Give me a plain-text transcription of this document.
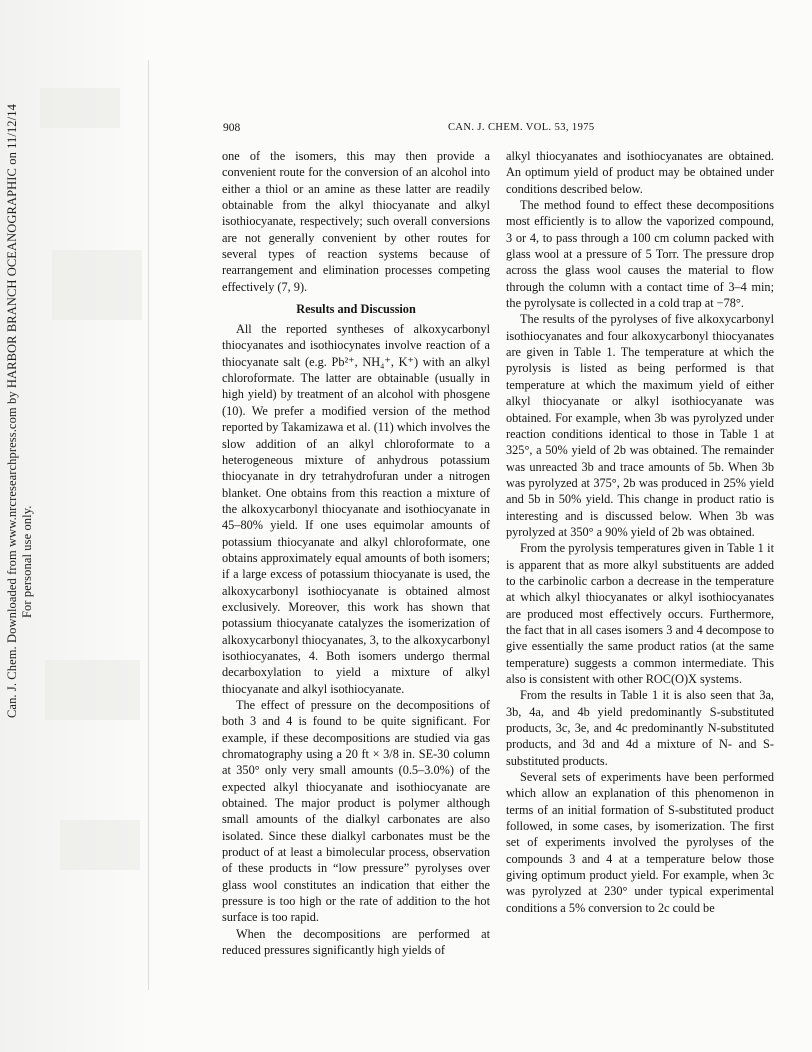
Can. J. Chem. Downloaded from www.nrcresearchpress.com by HARBOR BRANCH OCEANOGRAPHIC on 11/12/14 For personal use only.
908	CAN. J. CHEM. VOL. 53, 1975

one of the isomers, this may then provide a convenient route for the conversion of an alcohol into either a thiol or an amine as these latter are readily obtainable from the alkyl thiocyanate and alkyl isothiocyanate, respectively; such overall conversions are not generally convenient by other routes for several types of reaction systems because of rearrangement and elimination processes competing effectively (7, 9).

Results and Discussion

All the reported syntheses of alkoxycarbonyl thiocyanates and isothiocynates involve reaction of a thiocyanate salt (e.g. Pb²⁺, NH₄⁺, K⁺) with an alkyl chloroformate. The latter are obtainable (usually in high yield) by treatment of an alcohol with phosgene (10). We prefer a modified version of the method reported by Takamizawa et al. (11) which involves the slow addition of an alkyl chloroformate to a heterogeneous mixture of anhydrous potassium thiocyanate in dry tetrahydrofuran under a nitrogen blanket. One obtains from this reaction a mixture of the alkoxycarbonyl thiocyanate and isothiocyanate in 45–80% yield. If one uses equimolar amounts of potassium thiocyanate and alkyl chloroformate, one obtains approximately equal amounts of both isomers; if a large excess of potassium thiocyanate is used, the alkoxycarbonyl isothiocyanate is obtained almost exclusively. Moreover, this work has shown that potassium thiocyanate catalyzes the isomerization of alkoxycarbonyl thiocyanates, 3, to the alkoxycarbonyl isothiocyanates, 4. Both isomers undergo thermal decarboxylation to yield a mixture of alkyl thiocyanate and alkyl isothiocyanate.

The effect of pressure on the decompositions of both 3 and 4 is found to be quite significant. For example, if these decompositions are studied via gas chromatography using a 20 ft × 3/8 in. SE-30 column at 350° only very small amounts (0.5–3.0%) of the expected alkyl thiocyanate and isothiocyanate are obtained. The major product is polymer although small amounts of the dialkyl carbonates are also isolated. Since these dialkyl carbonates must be the product of at least a bimolecular process, observation of these products in “low pressure” pyrolyses over glass wool constitutes an indication that either the pressure is too high or the rate of addition to the hot surface is too rapid.

When the decompositions are performed at reduced pressures significantly high yields of

alkyl thiocyanates and isothiocyanates are obtained. An optimum yield of product may be obtained under conditions described below.

The method found to effect these decompositions most efficiently is to allow the vaporized compound, 3 or 4, to pass through a 100 cm column packed with glass wool at a pressure of 5 Torr. The pressure drop across the glass wool causes the material to flow through the column with a contact time of 3–4 min; the pyrolysate is collected in a cold trap at −78°.

The results of the pyrolyses of five alkoxycarbonyl isothiocyanates and four alkoxycarbonyl thiocyanates are given in Table 1. The temperature at which the pyrolysis is listed as being performed is that temperature at which the maximum yield of either alkyl thiocyanate or alkyl isothiocyanate was obtained. For example, when 3b was pyrolyzed under reaction conditions identical to those in Table 1 at 325°, a 50% yield of 2b was obtained. The remainder was unreacted 3b and trace amounts of 5b. When 3b was pyrolyzed at 375°, 2b was produced in 25% yield and 5b in 50% yield. This change in product ratio is interesting and is discussed below. When 3b was pyrolyzed at 350° a 90% yield of 2b was obtained.

From the pyrolysis temperatures given in Table 1 it is apparent that as more alkyl substituents are added to the carbinolic carbon a decrease in the temperature at which alkyl thiocyanates or alkyl isothiocyanates are produced most effectively occurs. Furthermore, the fact that in all cases isomers 3 and 4 decompose to give essentially the same product ratios (at the same temperature) suggests a common intermediate. This also is consistent with other ROC(O)X systems.

From the results in Table 1 it is also seen that 3a, 3b, 4a, and 4b yield predominantly S-substituted products, 3c, 3e, and 4c predominantly N-substituted products, and 3d and 4d a mixture of N- and S-substituted products.

Several sets of experiments have been performed which allow an explanation of this phenomenon in terms of an initial formation of S-substituted product followed, in some cases, by isomerization. The first set of experiments involved the pyrolyses of the compounds 3 and 4 at a temperature below those giving optimum product yield. For example, when 3c was pyrolyzed at 230° under typical experimental conditions a 5% conversion to 2c could be
